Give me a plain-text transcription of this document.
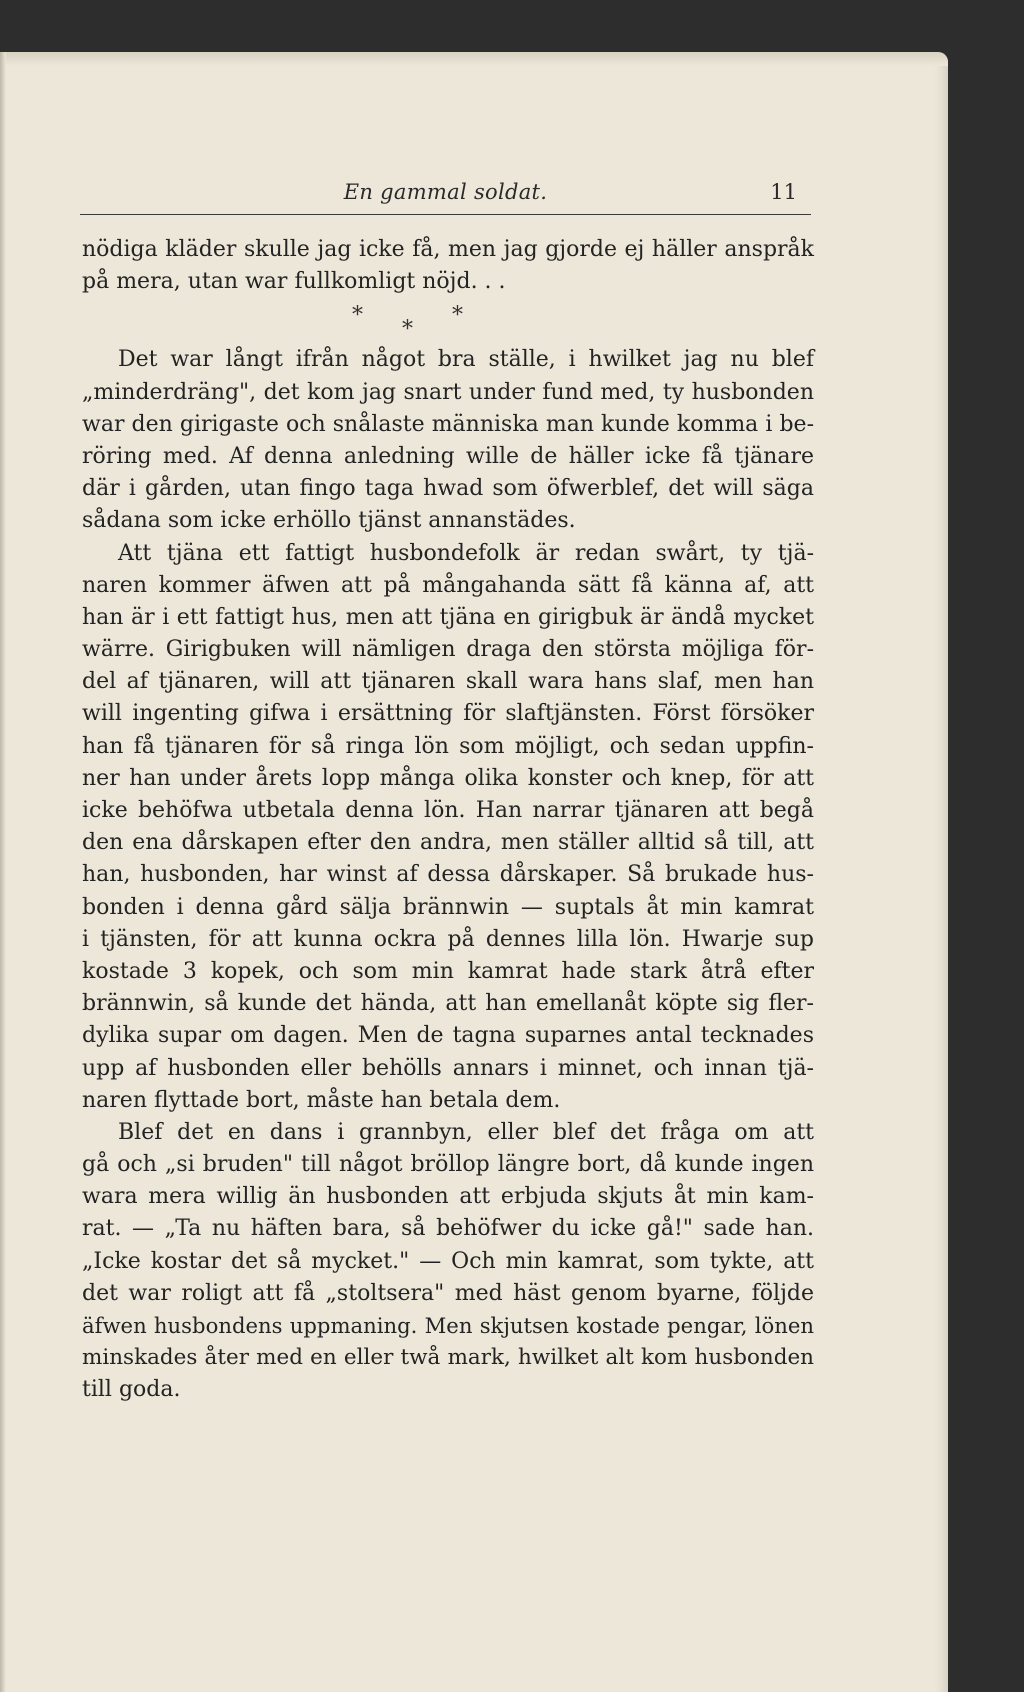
En gammal soldat.	11
nödiga kläder skulle jag icke få, men jag gjorde ej häller anspråk
på mera, utan war fullkomligt nöjd. . .
*
*
*
Det war långt ifrån något bra ställe, i hwilket jag nu blef
„minderdräng", det kom jag snart under fund med, ty husbonden
war den girigaste och snålaste människa man kunde komma i be-
röring med. Af denna anledning wille de häller icke få tjänare
där i gården, utan fingo taga hwad som öfwerblef, det will säga
sådana som icke erhöllo tjänst annanstädes.
Att tjäna ett fattigt husbondefolk är redan swårt, ty tjä-
naren kommer äfwen att på mångahanda sätt få känna af, att
han är i ett fattigt hus, men att tjäna en girigbuk är ändå mycket
wärre. Girigbuken will nämligen draga den största möjliga för-
del af tjänaren, will att tjänaren skall wara hans slaf, men han
will ingenting gifwa i ersättning för slaftjänsten. Först försöker
han få tjänaren för så ringa lön som möjligt, och sedan uppfin-
ner han under årets lopp många olika konster och knep, för att
icke behöfwa utbetala denna lön. Han narrar tjänaren att begå
den ena dårskapen efter den andra, men ställer alltid så till, att
han, husbonden, har winst af dessa dårskaper. Så brukade hus-
bonden i denna gård sälja brännwin — suptals åt min kamrat
i tjänsten, för att kunna ockra på dennes lilla lön. Hwarje sup
kostade 3 kopek, och som min kamrat hade stark åtrå efter
brännwin, så kunde det hända, att han emellanåt köpte sig fler-
dylika supar om dagen. Men de tagna suparnes antal tecknades
upp af husbonden eller behölls annars i minnet, och innan tjä-
naren flyttade bort, måste han betala dem.
Blef det en dans i grannbyn, eller blef det fråga om att
gå och „si bruden" till något bröllop längre bort, då kunde ingen
wara mera willig än husbonden att erbjuda skjuts åt min kam-
rat. — „Ta nu häften bara, så behöfwer du icke gå!" sade han.
„Icke kostar det så mycket." — Och min kamrat, som tykte, att
det war roligt att få „stoltsera" med häst genom byarne, följde
äfwen husbondens uppmaning. Men skjutsen kostade pengar, lönen
minskades åter med en eller twå mark, hwilket alt kom husbonden
till goda.
